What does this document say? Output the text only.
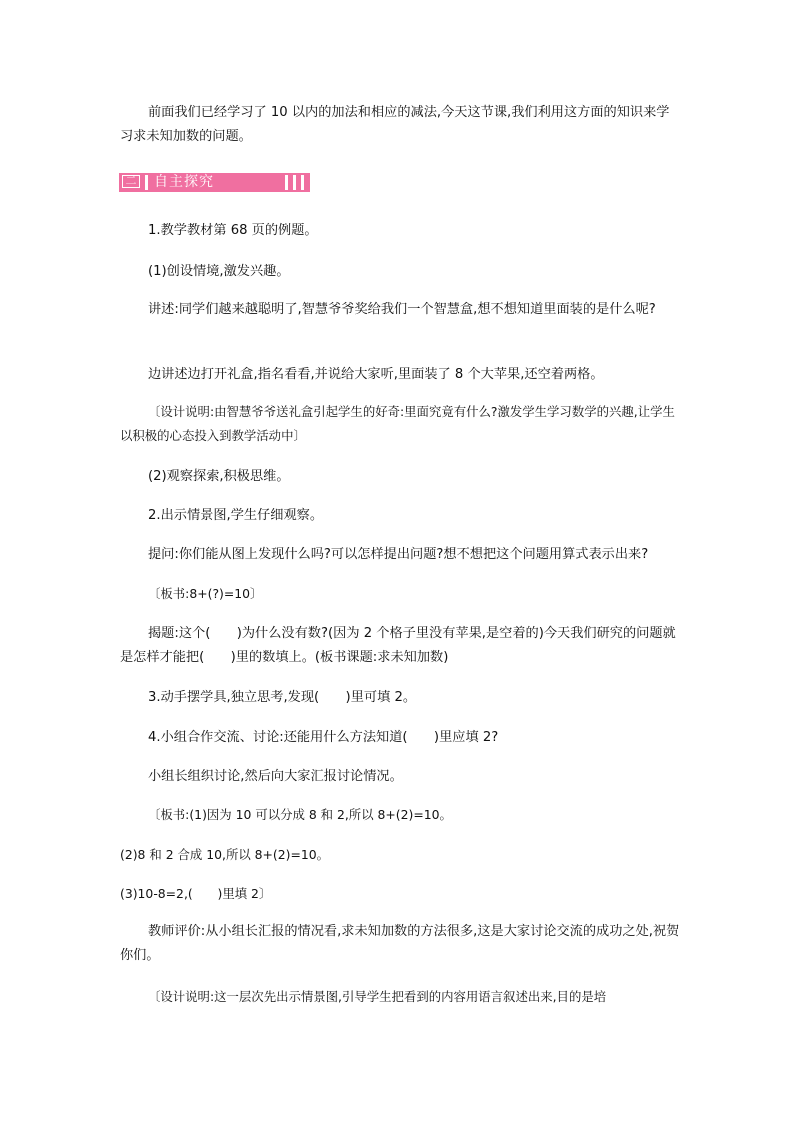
前面我们已经学习了 10 以内的加法和相应的减法,今天这节课,我们利用这方面的知识来学习求未知加数的问题。

二 自主探究

1.教学教材第 68 页的例题。

(1)创设情境,激发兴趣。

讲述:同学们越来越聪明了,智慧爷爷奖给我们一个智慧盒,想不想知道里面装的是什么呢?

边讲述边打开礼盒,指名看看,并说给大家听,里面装了 8 个大苹果,还空着两格。

〔设计说明:由智慧爷爷送礼盒引起学生的好奇:里面究竟有什么?激发学生学习数学的兴趣,让学生以积极的心态投入到教学活动中〕

(2)观察探索,积极思维。

2.出示情景图,学生仔细观察。

提问:你们能从图上发现什么吗?可以怎样提出问题?想不想把这个问题用算式表示出来?

〔板书:8+(?)=10〕

揭题:这个(　　)为什么没有数?(因为 2 个格子里没有苹果,是空着的)今天我们研究的问题就是怎样才能把(　　)里的数填上。(板书课题:求未知加数)

3.动手摆学具,独立思考,发现(　　)里可填 2。

4.小组合作交流、讨论:还能用什么方法知道(　　)里应填 2?

小组长组织讨论,然后向大家汇报讨论情况。

〔板书:(1)因为 10 可以分成 8 和 2,所以 8+(2)=10。

(2)8 和 2 合成 10,所以 8+(2)=10。

(3)10-8=2,(　　)里填 2〕

教师评价:从小组长汇报的情况看,求未知加数的方法很多,这是大家讨论交流的成功之处,祝贺你们。

〔设计说明:这一层次先出示情景图,引导学生把看到的内容用语言叙述出来,目的是培
